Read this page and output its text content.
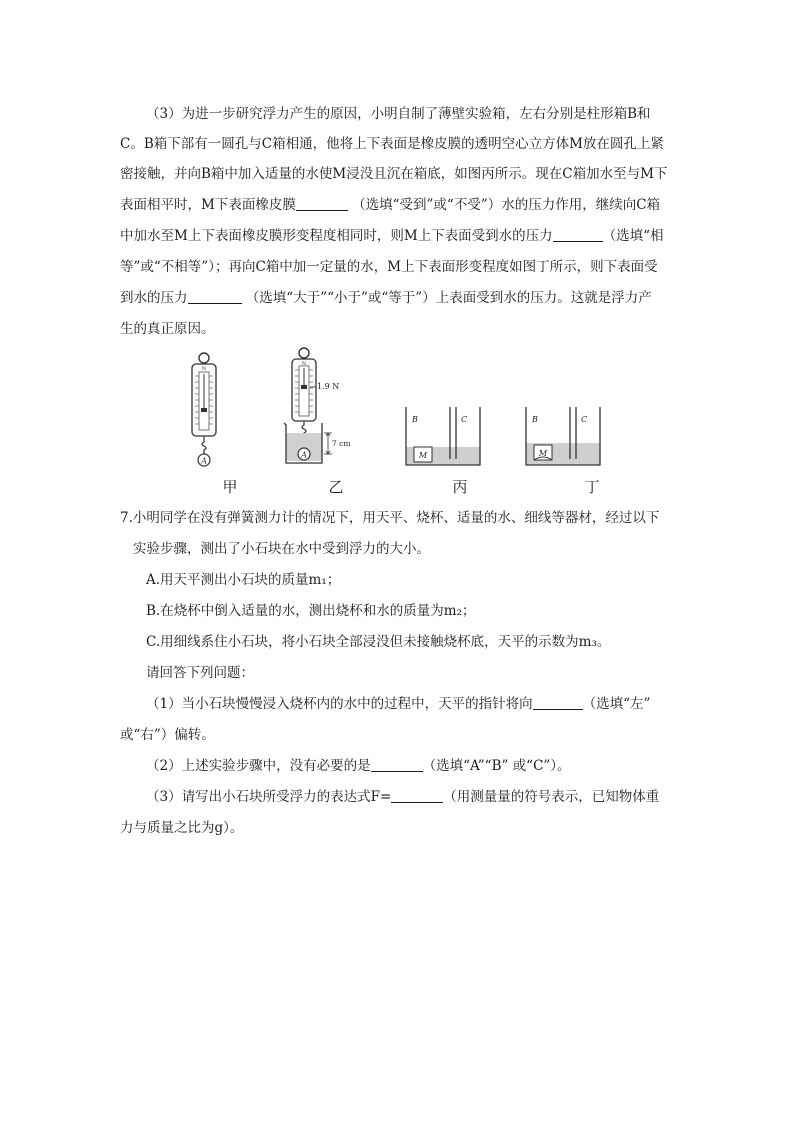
（3）为进一步研究浮力产生的原因，小明自制了薄壁实验箱，左右分别是柱形箱B和
C。B箱下部有一圆孔与C箱相通，他将上下表面是橡皮膜的透明空心立方体M放在圆孔上紧
密接触，并向B箱中加入适量的水使M浸没且沉在箱底，如图丙所示。现在C箱加水至与M下
表面相平时，M下表面橡皮膜	（选填“受到”或“不受”）水的压力作用，继续向C箱
中加水至M上下表面橡皮膜形变程度相同时，则M上下表面受到水的压力	（选填“相
等”或“不相等”）；再向C箱中加一定量的水，M上下表面形变程度如图丁所示，则下表面受
到水的压力	（选填“大于”“小于”或“等于”）上表面受到水的压力。这就是浮力产
生的真正原因。
A
N
1.9 N
N
A
7 cm
M
B	C
M
B	C
甲	乙	丙	丁
7.小明同学在没有弹簧测力计的情况下，用天平、烧杯、适量的水、细线等器材，经过以下
实验步骤，测出了小石块在水中受到浮力的大小。
A.用天平测出小石块的质量m₁；
B.在烧杯中倒入适量的水，测出烧杯和水的质量为m₂；
C.用细线系住小石块，将小石块全部浸没但未接触烧杯底，天平的示数为m₃。
请回答下列问题：
（1）当小石块慢慢浸入烧杯内的水中的过程中，天平的指针将向	（选填“左”
或“右”）偏转。
（2）上述实验步骤中，没有必要的是	（选填“A”“B” 或“C”）。
（3）请写出小石块所受浮力的表达式F=	（用测量量的符号表示，已知物体重
力与质量之比为g）。
